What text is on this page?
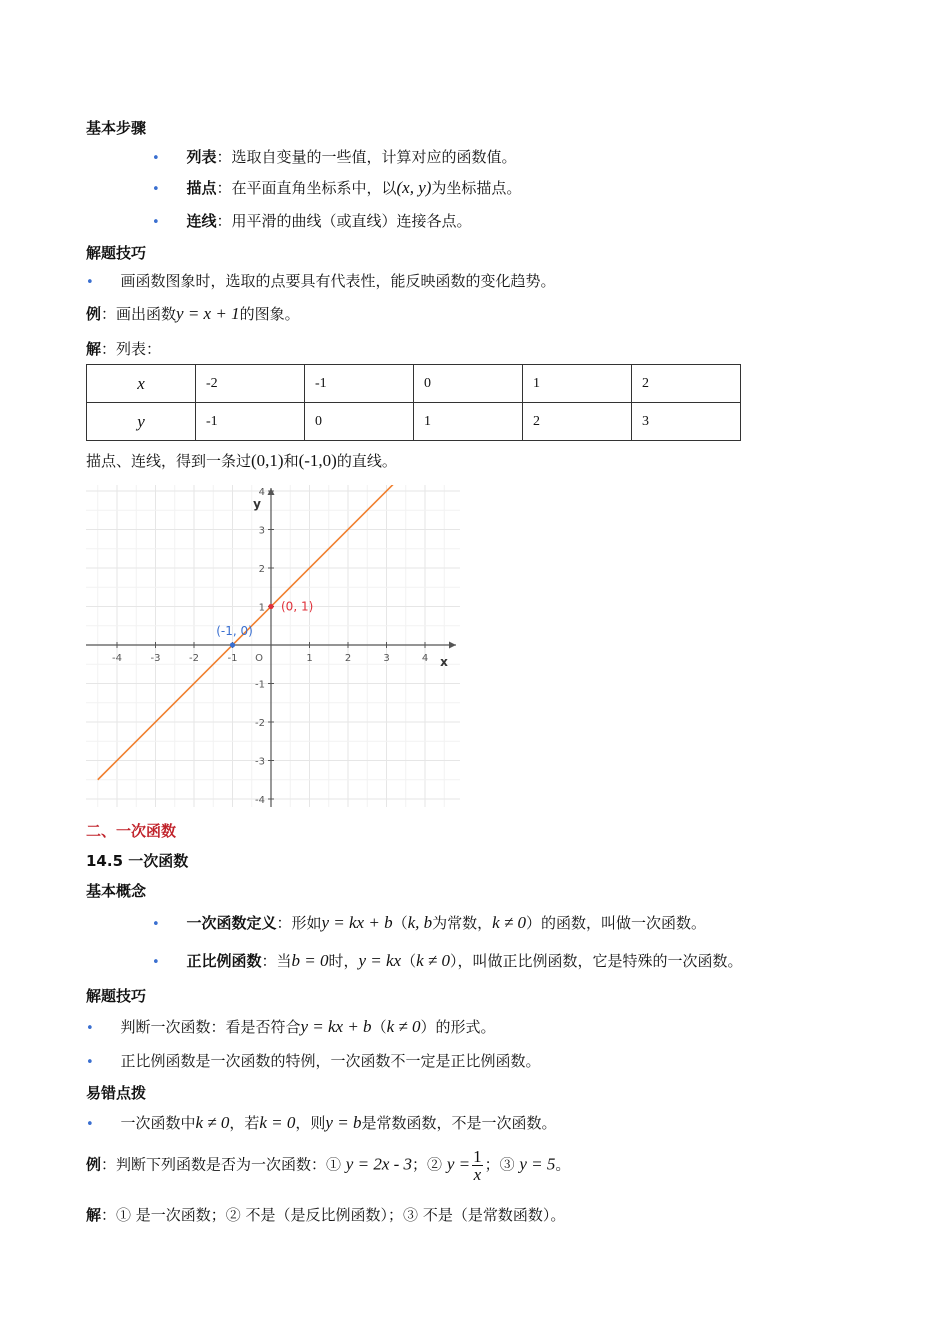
基本步骤
• 列表：选取自变量的一些值，计算对应的函数值。
• 描点：在平面直角坐标系中，以(x, y)为坐标描点。
• 连线：用平滑的曲线（或直线）连接各点。
解题技巧
• 画函数图象时，选取的点要具有代表性，能反映函数的变化趋势。
例：画出函数y = x + 1的图象。
解：列表：
x	-2	-1	0	1	2
y	-1	0	1	2	3
描点、连线，得到一条过(0,1)和(-1,0)的直线。
-4	-3	-2	-1	1	2	3	4
-4
-3
-2
-1
1
2
3
4
O	x
y
(0, 1)
(-1, 0)
二、一次函数
14.5 一次函数
基本概念
• 一次函数定义：形如y = kx + b（k, b为常数，k ≠ 0）的函数，叫做一次函数。
• 正比例函数：当b = 0时，y = kx（k ≠ 0），叫做正比例函数，它是特殊的一次函数。
解题技巧
• 判断一次函数：看是否符合y = kx + b（k ≠ 0）的形式。
• 正比例函数是一次函数的特例，一次函数不一定是正比例函数。
易错点拨
• 一次函数中k ≠ 0，若k = 0，则y = b是常数函数，不是一次函数。
例：判断下列函数是否为一次函数：① y = 2x - 3；② $y = \frac{1}{x}$ ；③ y = 5。
解：① 是一次函数；② 不是（是反比例函数）；③ 不是（是常数函数）。
